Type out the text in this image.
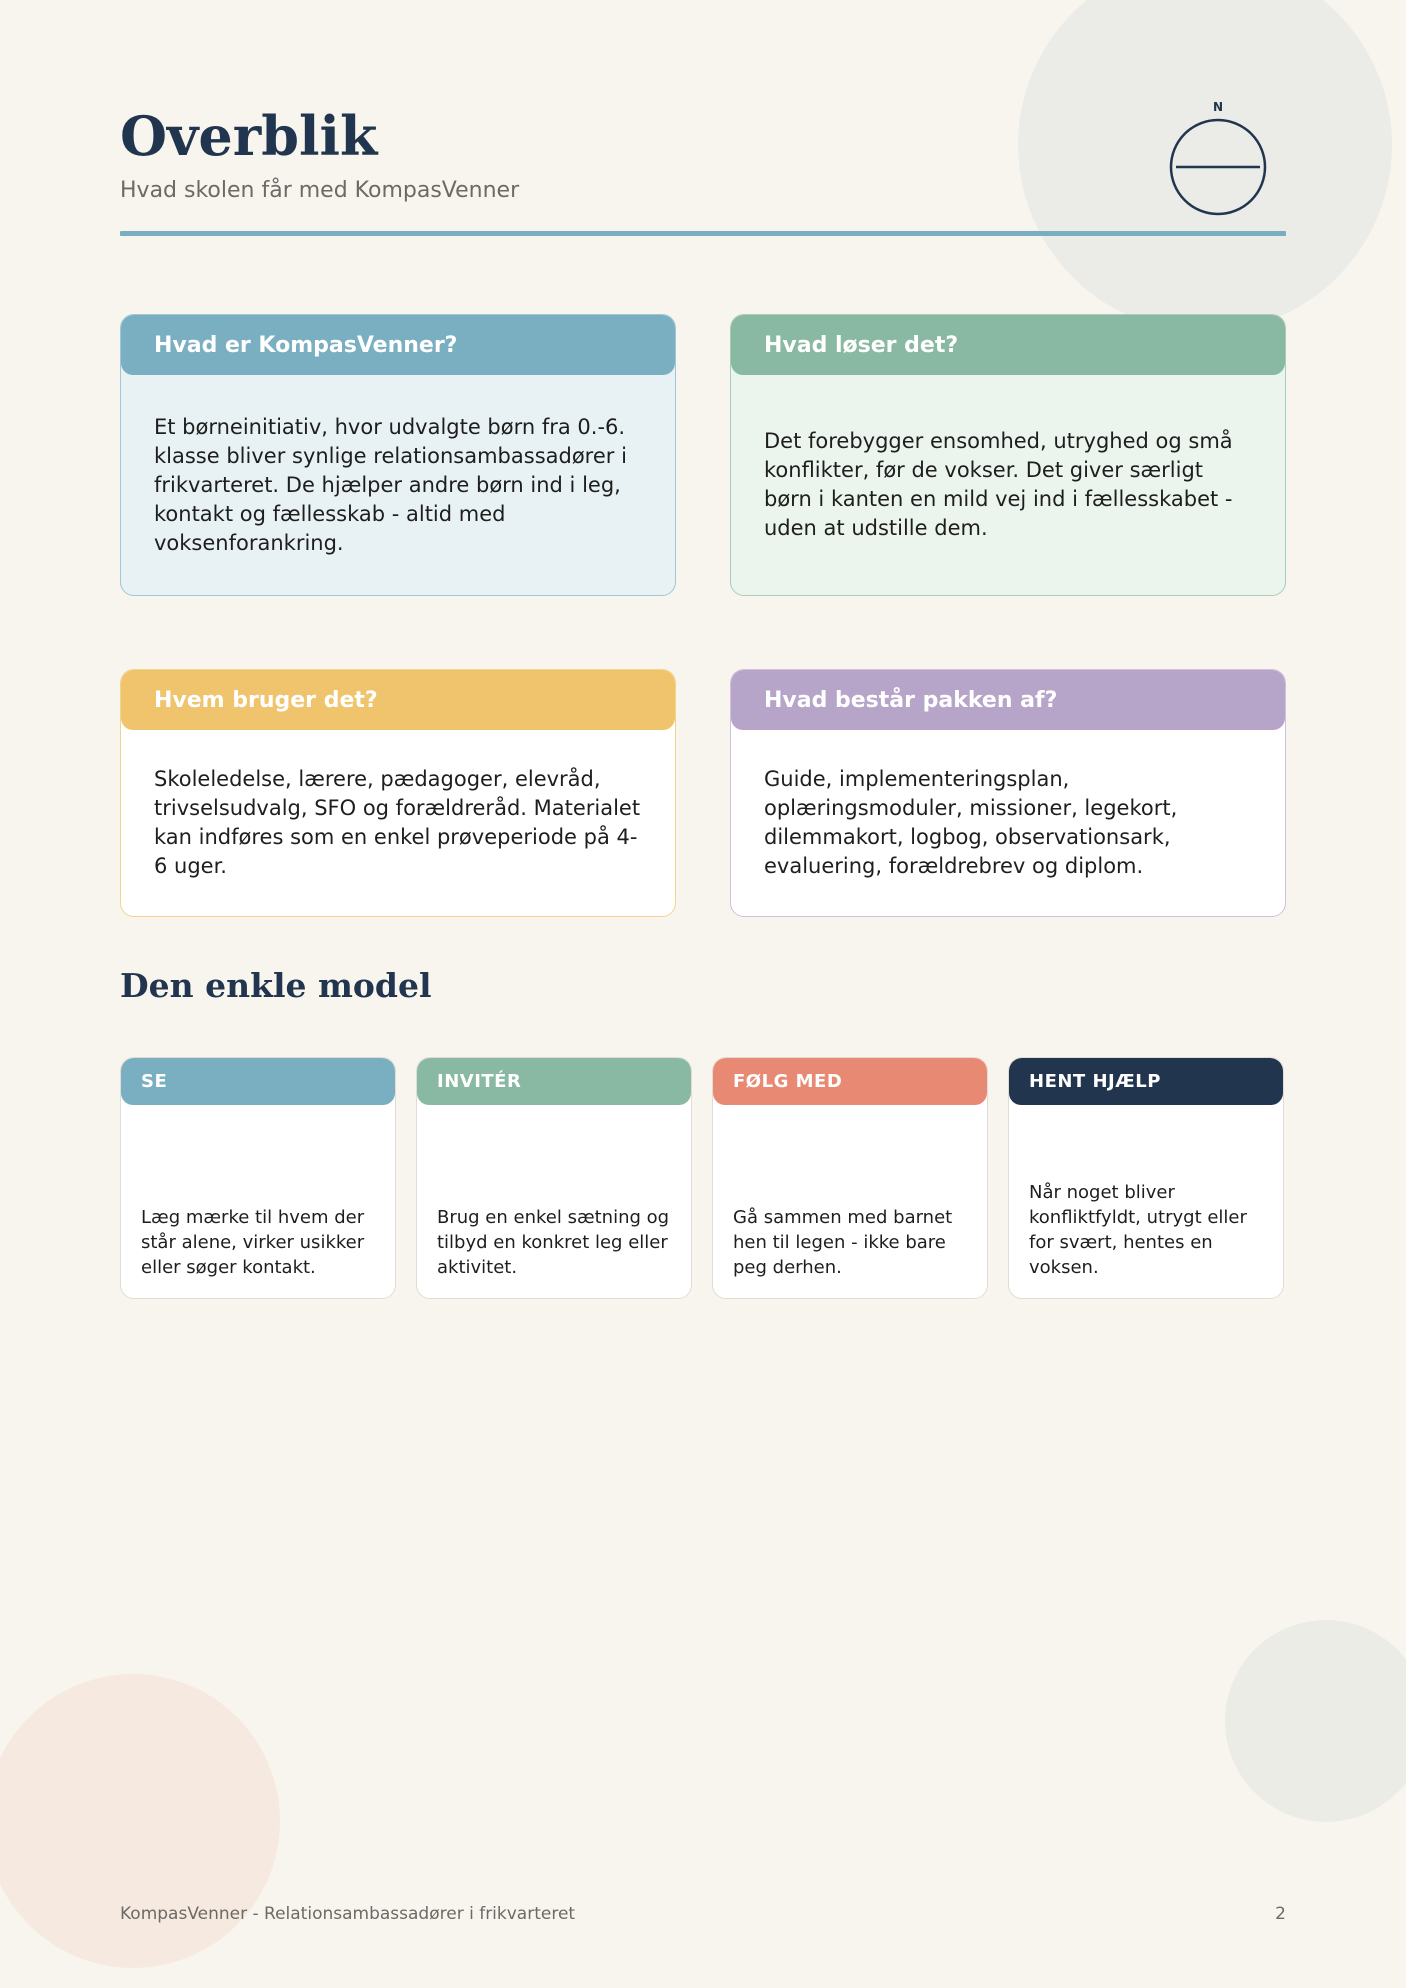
Overblik
Hvad skolen får med KompasVenner
N
Hvad er KompasVenner?
Et børneinitiativ, hvor udvalgte børn fra 0.-6. klasse bliver synlige relationsambassadører i frikvarteret. De hjælper andre børn ind i leg, kontakt og fællesskab - altid med voksenforankring.
Hvad løser det?
Det forebygger ensomhed, utryghed og små konflikter, før de vokser. Det giver særligt børn i kanten en mild vej ind i fællesskabet - uden at udstille dem.
Hvem bruger det?
Skoleledelse, lærere, pædagoger, elevråd, trivselsudvalg, SFO og forældreråd. Materialet kan indføres som en enkel prøveperiode på 4-6 uger.
Hvad består pakken af?
Guide, implementeringsplan, oplæringsmoduler, missioner, legekort, dilemmakort, logbog, observationsark, evaluering, forældrebrev og diplom.
Den enkle model
SE
Læg mærke til hvem der står alene, virker usikker eller søger kontakt.
INVITÉR
Brug en enkel sætning og tilbyd en konkret leg eller aktivitet.
FØLG MED
Gå sammen med barnet hen til legen - ikke bare peg derhen.
HENT HJÆLP
Når noget bliver konfliktfyldt, utrygt eller for svært, hentes en voksen.
KompasVenner - Relationsambassadører i frikvarteret	2
